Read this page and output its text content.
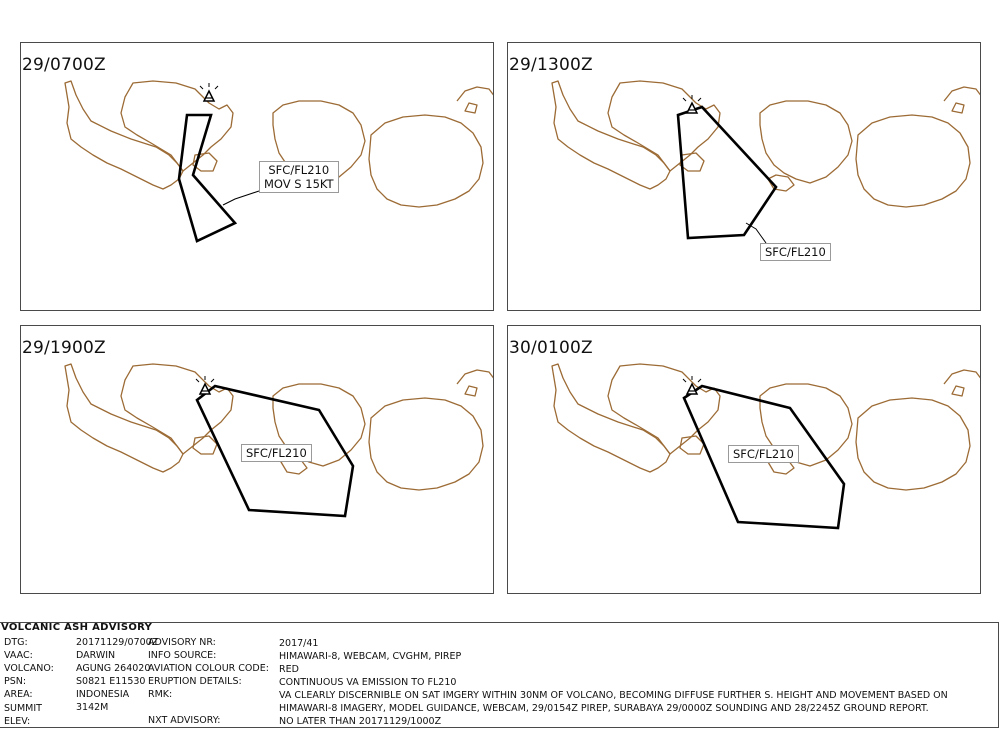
29/0700Z
SFC/FL210
MOV S 15KT
29/1300Z
SFC/FL210
29/1900Z
SFC/FL210
30/0100Z
SFC/FL210
VOLCANIC ASH ADVISORY
DTG:	20171129/0700Z
ADVISORY NR:	2017/41
VAAC:	DARWIN	INFO SOURCE:	HIMAWARI-8, WEBCAM, CVGHM, PIREP
VOLCANO: AGUNG 264020
AVIATION COLOUR CODE: RED
PSN:	S0821 E11530 ERUPTION DETAILS:	CONTINUOUS VA EMISSION TO FL210
AREA:	INDONESIA RMK:	VA CLEARLY DISCERNIBLE ON SAT IMGERY WITHIN 30NM OF VOLCANO, BECOMING DIFFUSE FURTHER S. HEIGHT AND MOVEMENT BASED ON HIMAWARI-8 IMAGERY, MODEL GUIDANCE, WEBCAM, 29/0154Z PIREP, SURABAYA 29/0000Z SOUNDING AND 28/2245Z GROUND REPORT.
SUMMIT ELEV:
3142M
NXT ADVISORY:	NO LATER THAN 20171129/1000Z
